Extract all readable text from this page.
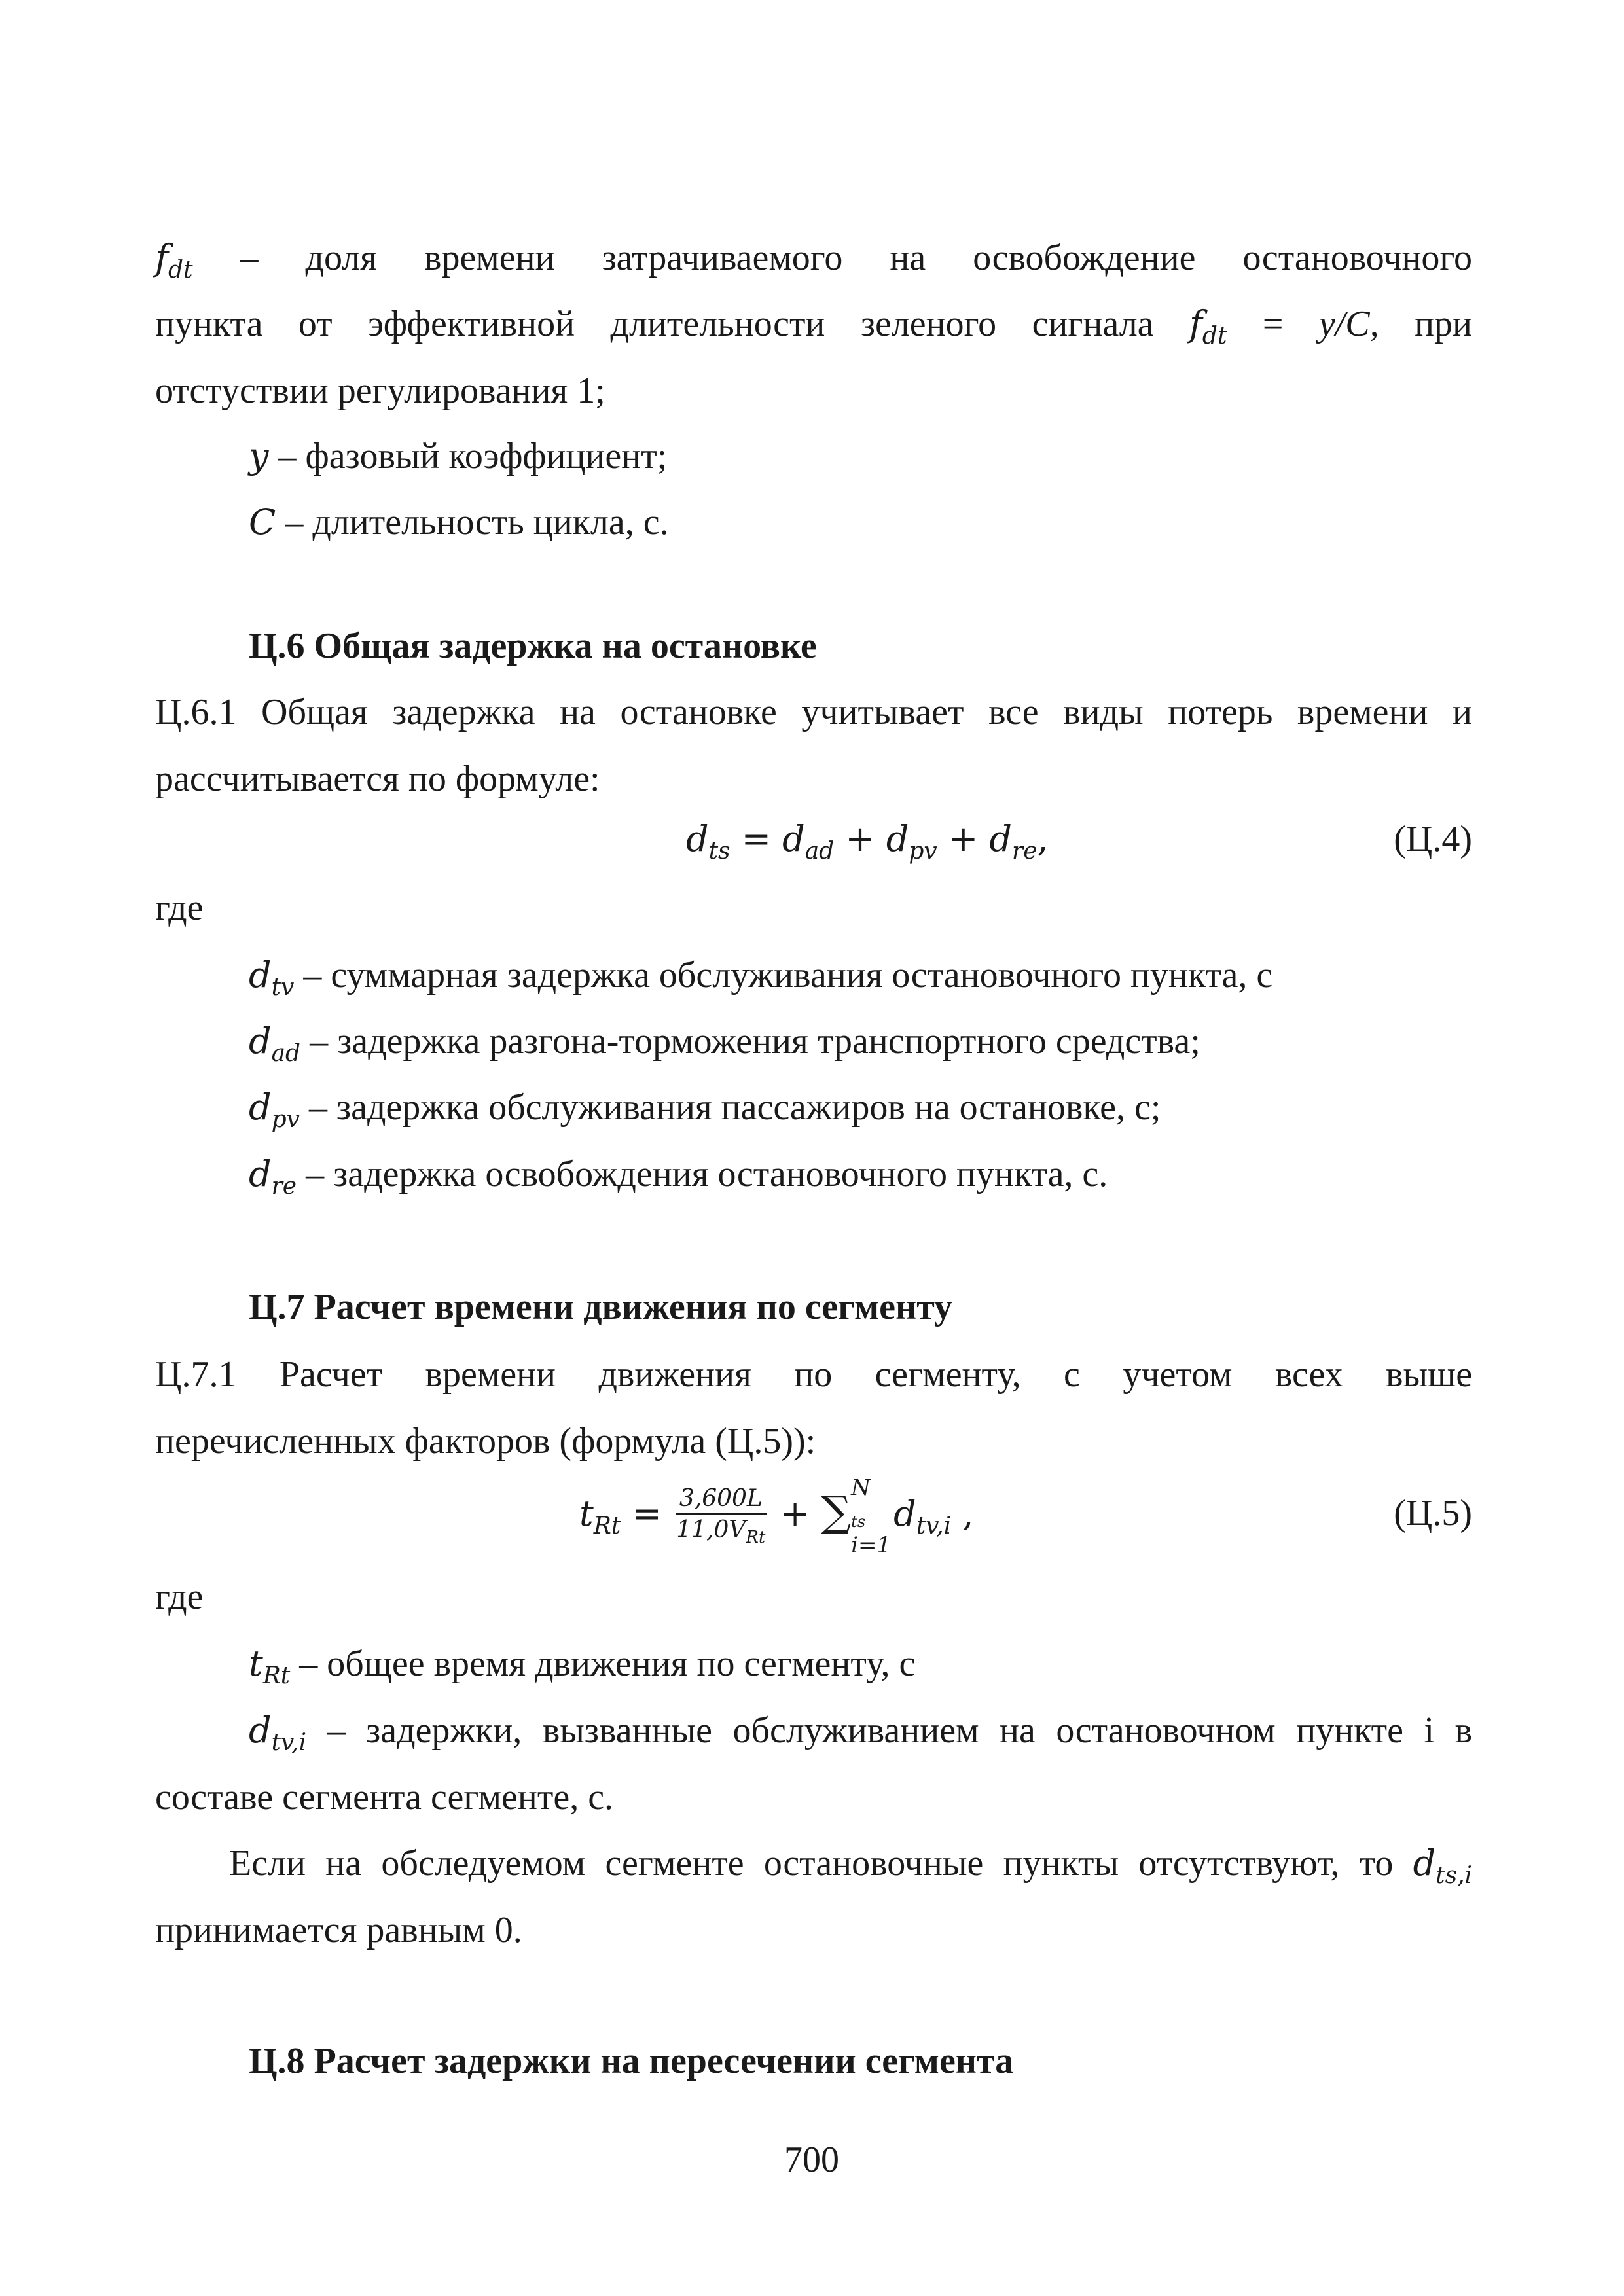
$f_{dt}$ – доля времени затрачиваемого на освобождение остановочного
пункта от эффективной длительности зеленого сигнала $f_{dt} = y/C$, при
отстуствии регулирования 1;
y – фазовый коэффициент;
C – длительность цикла, с.
Ц.6 Общая задержка на остановке
Ц.6.1 Общая задержка на остановке учитывает все виды потерь времени и
рассчитывается по формуле:
$d_{ts} = d_{ad} + d_{pv} + d_{re}$,	(Ц.4)
где
$d_{tv}$ – суммарная задержка обслуживания остановочного пункта, с
$d_{ad}$ – задержка разгона-торможения транспортного средства;
$d_{pv}$ – задержка обслуживания пассажиров на остановке, с;
$d_{re}$ – задержка освобождения остановочного пункта, с.
Ц.7 Расчет времени движения по сегменту
Ц.7.1 Расчет времени движения по сегменту, с учетом всех выше
перечисленных факторов (формула (Ц.5)):
$t_{Rt} = \frac{3,600L}{11,0V_{Rt}}$ + ∑ N
$_{ts}$
i=1
$d_{tv,i}$ ,	(Ц.5)
где
$t_{Rt}$ – общее время движения по сегменту, с
$d_{tv,i}$ – задержки, вызванные обслуживанием на остановочном пункте i в
составе сегмента сегменте, с.
Если на обследуемом сегменте остановочные пункты отсутствуют, то $d_{ts,i}$
принимается равным 0.
Ц.8 Расчет задержки на пересечении сегмента
700
